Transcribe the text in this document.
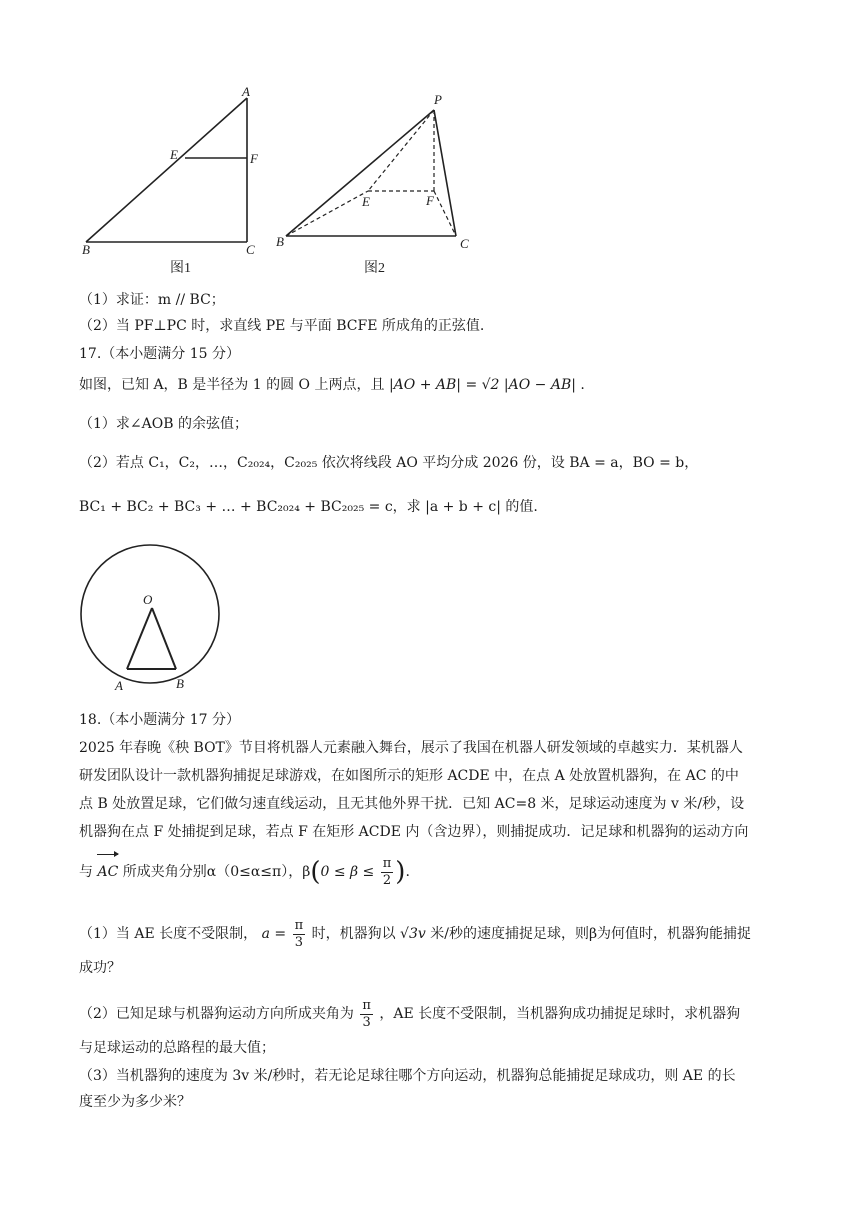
A
E	F
B	C
图1
P
E	F
B	C
图2
（1）求证：m // BC；
（2）当 PF⊥PC 时，求直线 PE 与平面 BCFE 所成角的正弦值.
17.（本小题满分 15 分）
如图，已知 A，B 是半径为 1 的圆 O 上两点，且 |AO + AB| = √2 |AO − AB| .
（1）求∠AOB 的余弦值；
（2）若点 C₁，C₂，…，C₂₀₂₄，C₂₀₂₅ 依次将线段 AO 平均分成 2026 份，设 BA = a，BO = b，
BC₁ + BC₂ + BC₃ + … + BC₂₀₂₄ + BC₂₀₂₅ = c，求 |a + b + c| 的值.
O
A	B
18.（本小题满分 17 分）
2025 年春晚《秧 BOT》节目将机器人元素融入舞台，展示了我国在机器人研发领域的卓越实力．某机器人
研发团队设计一款机器狗捕捉足球游戏，在如图所示的矩形 ACDE 中，在点 A 处放置机器狗，在 AC 的中
点 B 处放置足球，它们做匀速直线运动，且无其他外界干扰．已知 AC=8 米，足球运动速度为 v 米/秒，设
机器狗在点 F 处捕捉到足球，若点 F 在矩形 ACDE 内（含边界），则捕捉成功．记足球和机器狗的运动方向
与 AC 所成夹角分别α（0≤α≤π），$\beta(0 \le \beta \le \frac{\pi}{2}$ ).
（1）当 AE 长度不受限制， $a = \frac{\pi}{3}$ 时，机器狗以 √3v 米/秒的速度捕捉足球，则β为何值时，机器狗能捕捉
成功？
（2）已知足球与机器狗运动方向所成夹角为 $\frac{\pi}{3}$ ，AE 长度不受限制，当机器狗成功捕捉足球时，求机器狗
与足球运动的总路程的最大值；
（3）当机器狗的速度为 3v 米/秒时，若无论足球往哪个方向运动，机器狗总能捕捉足球成功，则 AE 的长
度至少为多少米？
